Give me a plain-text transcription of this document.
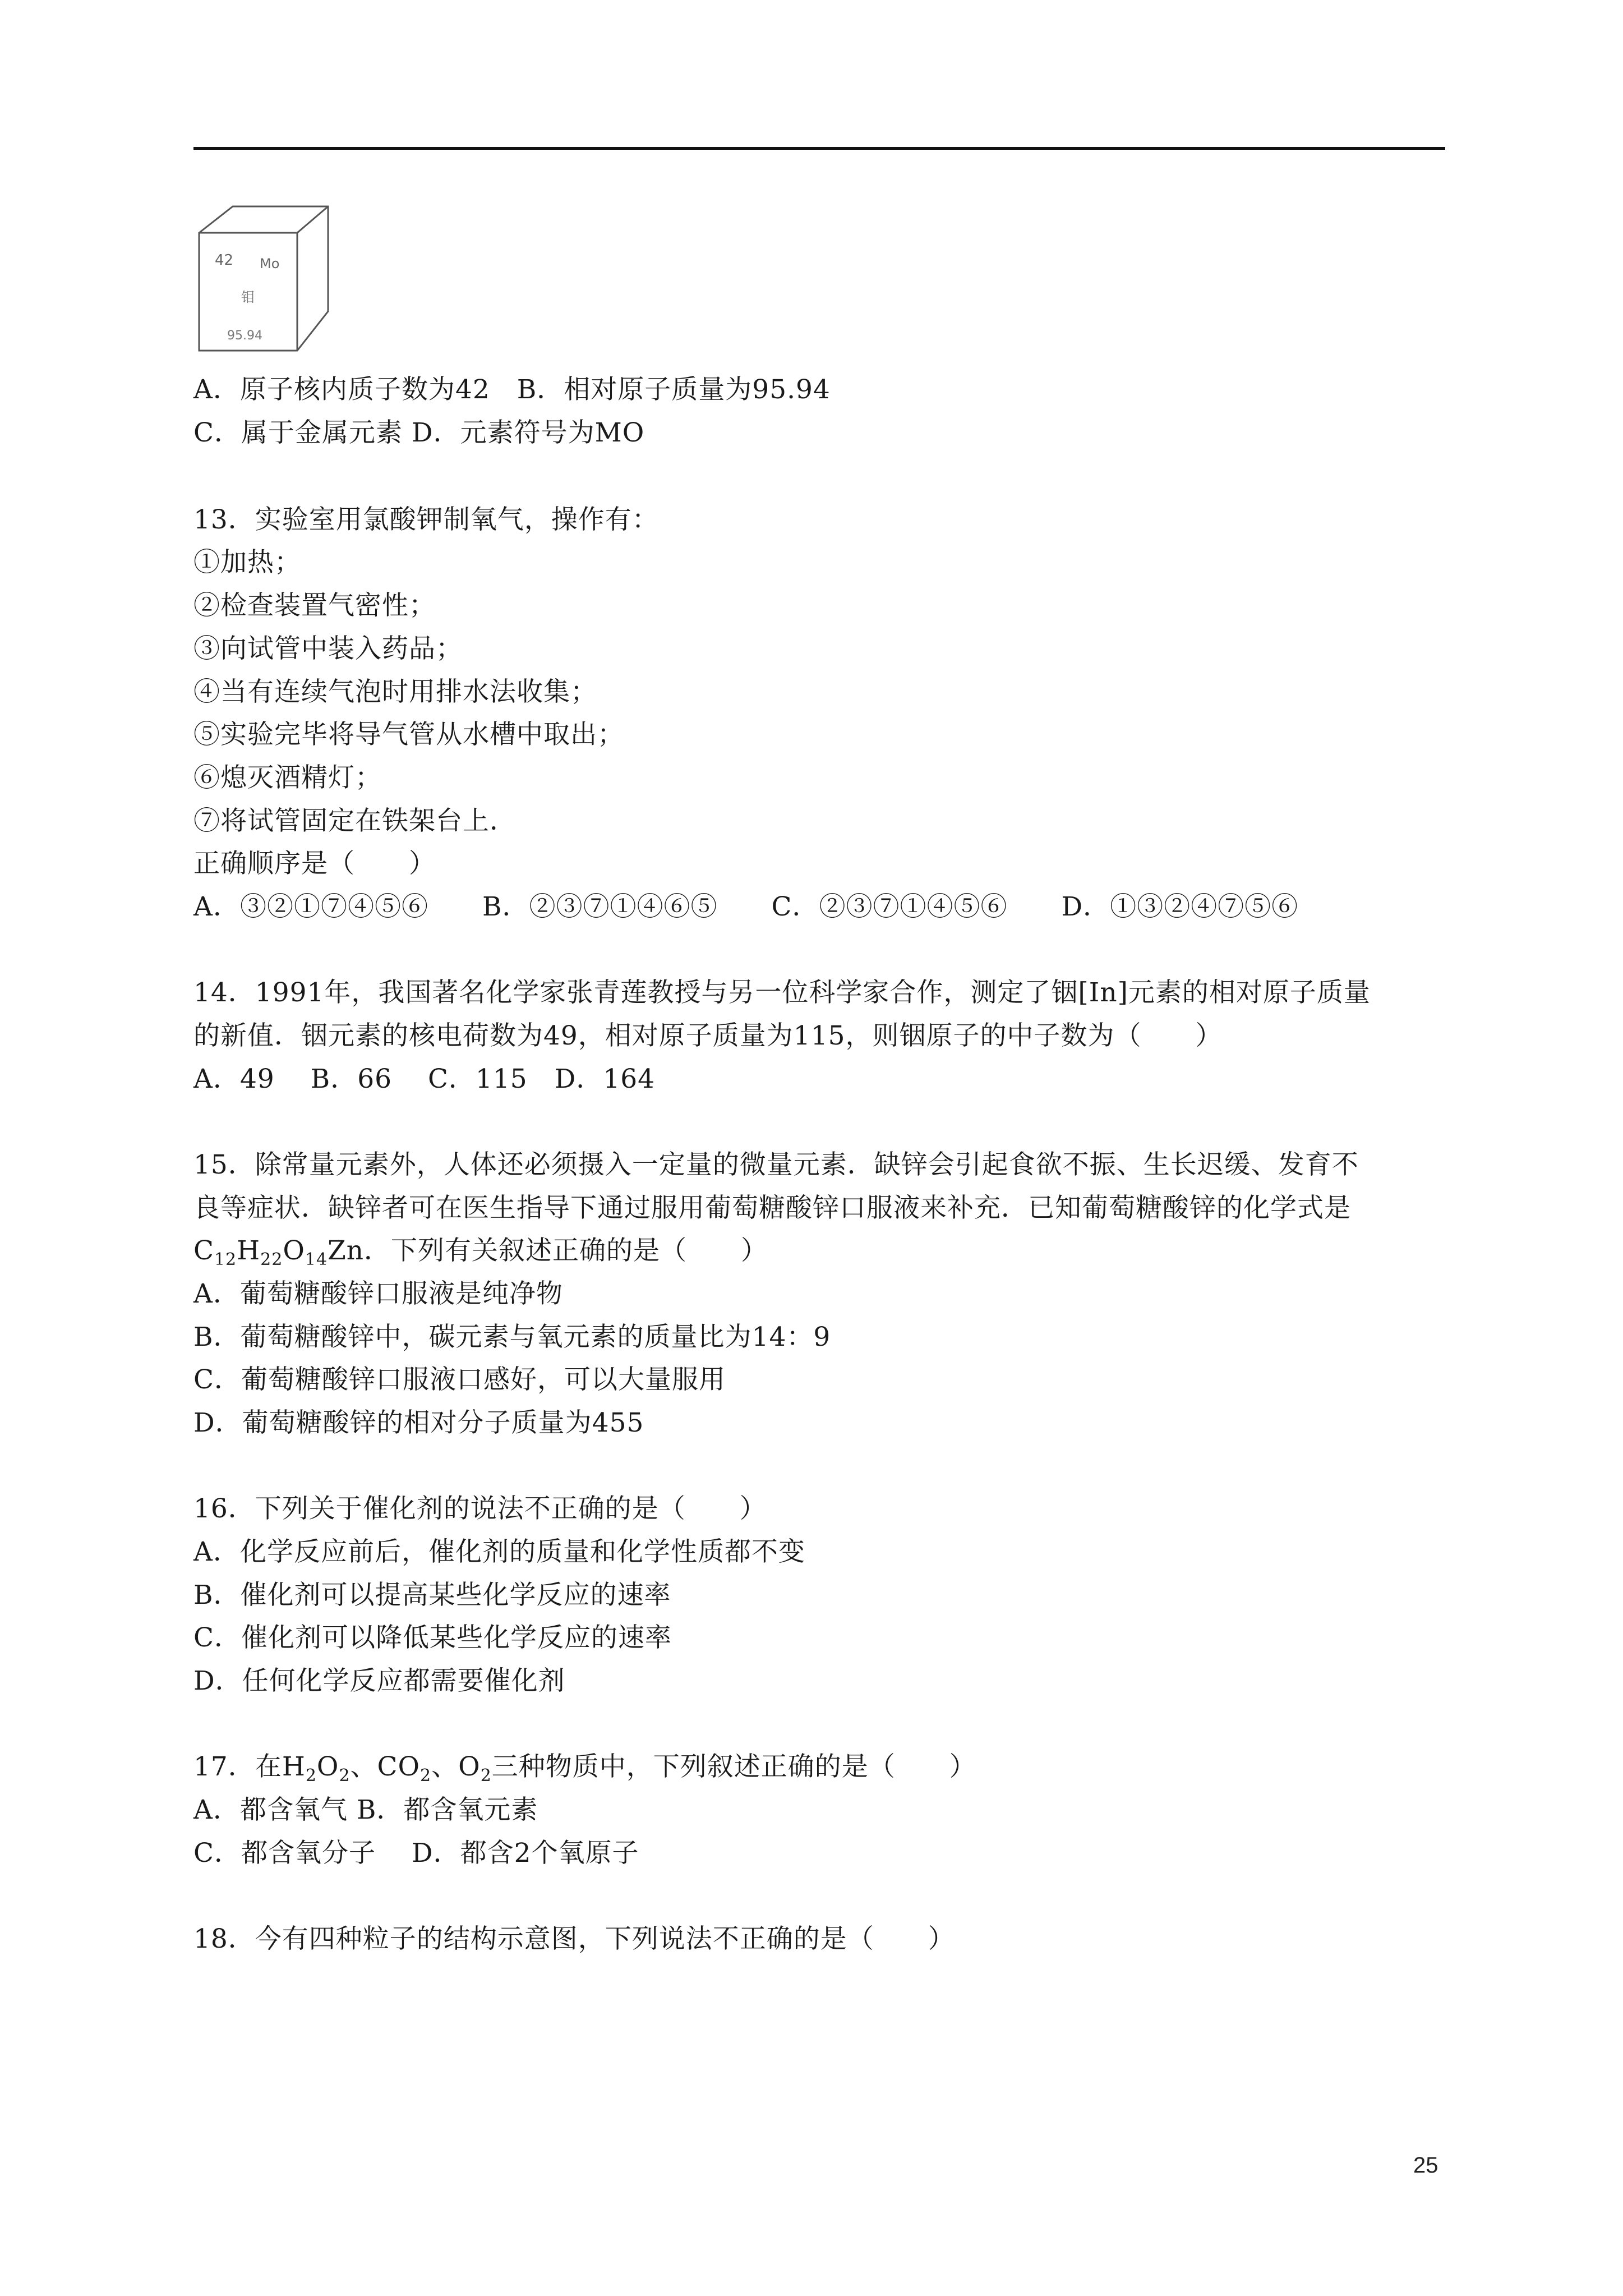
42 Mo
钼
95.94
A．原子核内质子数为42　B．相对原子质量为95.94
C．属于金属元素 D．元素符号为MO
13．实验室用氯酸钾制氧气，操作有：
①加热；
②检查装置气密性；
③向试管中装入药品；
④当有连续气泡时用排水法收集；
⑤实验完毕将导气管从水槽中取出；
⑥熄灭酒精灯；
⑦将试管固定在铁架台上．
正确顺序是（　　）
A．③②①⑦④⑤⑥　　B．②③⑦①④⑥⑤　　C．②③⑦①④⑤⑥　　D．①③②④⑦⑤⑥
14．1991年，我国著名化学家张青莲教授与另一位科学家合作，测定了铟[In]元素的相对原子质量
的新值．铟元素的核电荷数为49，相对原子质量为115，则铟原子的中子数为（　　）
A．49　 B．66　 C．115　D．164
15．除常量元素外，人体还必须摄入一定量的微量元素．缺锌会引起食欲不振、生长迟缓、发育不
良等症状．缺锌者可在医生指导下通过服用葡萄糖酸锌口服液来补充．已知葡萄糖酸锌的化学式是
$C_{12}H_{22}O_{14}Zn$．下列有关叙述正确的是（　　）
A．葡萄糖酸锌口服液是纯净物
B．葡萄糖酸锌中，碳元素与氧元素的质量比为14：9
C．葡萄糖酸锌口服液口感好，可以大量服用
D．葡萄糖酸锌的相对分子质量为455
16．下列关于催化剂的说法不正确的是（　　）
A．化学反应前后，催化剂的质量和化学性质都不变
B．催化剂可以提高某些化学反应的速率
C．催化剂可以降低某些化学反应的速率
D．任何化学反应都需要催化剂
17．在$H_2O_2$、$CO_2$、$O_2$三种物质中，下列叙述正确的是（　　）
A．都含氧气 B．都含氧元素
C．都含氧分子　 D．都含2个氧原子
18．今有四种粒子的结构示意图，下列说法不正确的是（　　）
25
